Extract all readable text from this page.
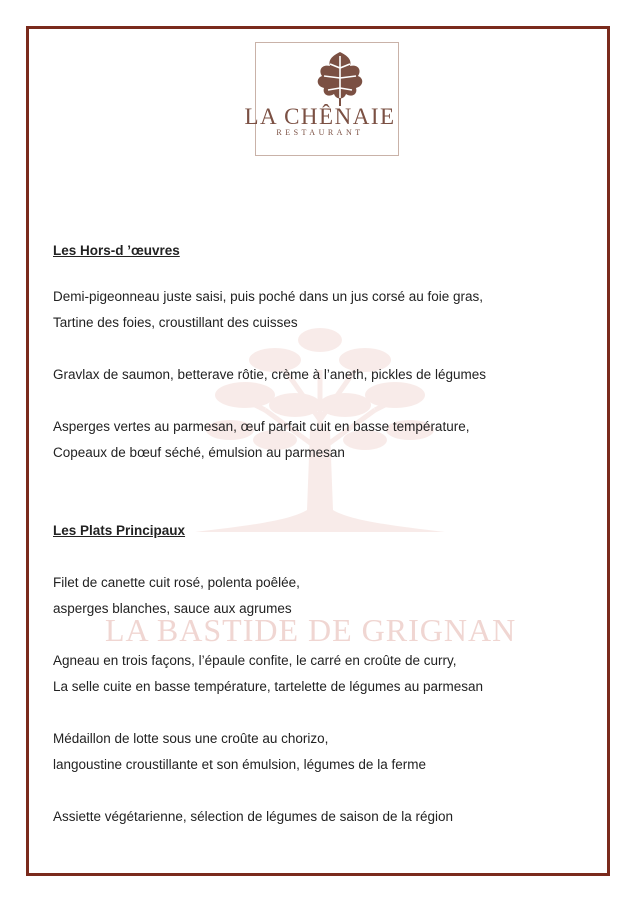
LA CHÊNAIE
RESTAURANT
LA BASTIDE DE GRIGNAN

Les Hors-d ’œuvres

Demi-pigeonneau juste saisi, puis poché dans un jus corsé au foie gras,

Tartine des foies, croustillant des cuisses

Gravlax de saumon, betterave rôtie, crème à l’aneth, pickles de légumes

Asperges vertes au parmesan, œuf parfait cuit en basse température,

Copeaux de bœuf séché, émulsion au parmesan

Les Plats Principaux

Filet de canette cuit rosé, polenta poêlée,

asperges blanches, sauce aux agrumes

Agneau en trois façons, l’épaule confite, le carré en croûte de curry,

La selle cuite en basse température, tartelette de légumes au parmesan

Médaillon de lotte sous une croûte au chorizo,

langoustine croustillante et son émulsion, légumes de la ferme

Assiette végétarienne, sélection de légumes de saison de la région
